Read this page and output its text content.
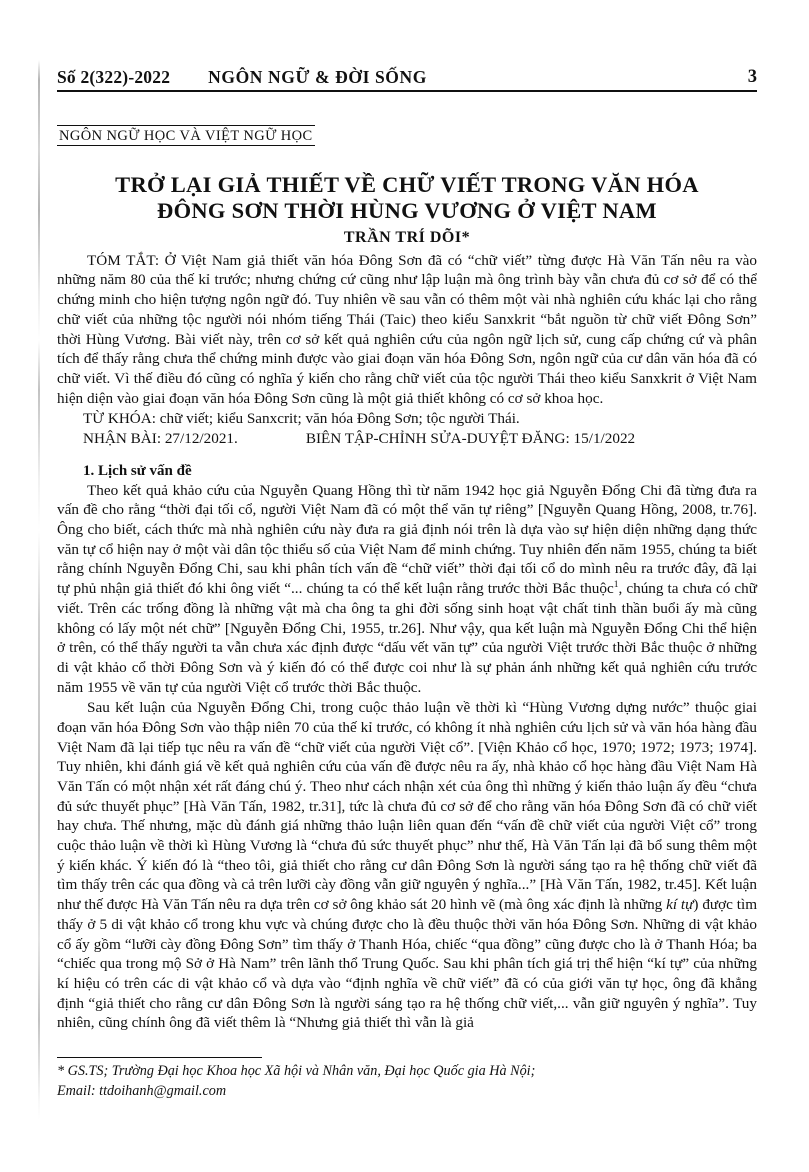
Số 2(322)-2022 NGÔN NGỮ & ĐỜI SỐNG	3
NGÔN NGỮ HỌC VÀ VIỆT NGỮ HỌC
TRỞ LẠI GIẢ THIẾT VỀ CHỮ VIẾT TRONG VĂN HÓA
ĐÔNG SƠN THỜI HÙNG VƯƠNG Ở VIỆT NAM
TRẦN TRÍ DÕI*

TÓM TẮT: Ở Việt Nam giả thiết văn hóa Đông Sơn đã có “chữ viết” từng được Hà Văn Tấn nêu ra vào những năm 80 của thế kỉ trước; nhưng chứng cứ cũng như lập luận mà ông trình bày vẫn chưa đủ cơ sở để có thể chứng minh cho hiện tượng ngôn ngữ đó. Tuy nhiên về sau vẫn có thêm một vài nhà nghiên cứu khác lại cho rằng chữ viết của những tộc người nói nhóm tiếng Thái (Taic) theo kiểu Sanxkrit “bắt nguồn từ chữ viết Đông Sơn” thời Hùng Vương. Bài viết này, trên cơ sở kết quả nghiên cứu của ngôn ngữ lịch sử, cung cấp chứng cứ và phân tích để thấy rằng chưa thể chứng minh được vào giai đoạn văn hóa Đông Sơn, ngôn ngữ của cư dân văn hóa đã có chữ viết. Vì thế điều đó cũng có nghĩa ý kiến cho rằng chữ viết của tộc người Thái theo kiểu Sanxkrit ở Việt Nam hiện diện vào giai đoạn văn hóa Đông Sơn cũng là một giả thiết không có cơ sở khoa học.

TỪ KHÓA: chữ viết; kiểu Sanxcrit; văn hóa Đông Sơn; tộc người Thái.
NHẬN BÀI: 27/12/2021.	BIÊN TẬP-CHỈNH SỬA-DUYỆT ĐĂNG: 15/1/2022
1. Lịch sử vấn đề

Theo kết quả khảo cứu của Nguyễn Quang Hồng thì từ năm 1942 học giả Nguyễn Đổng Chi đã từng đưa ra vấn đề cho rằng “thời đại tối cổ, người Việt Nam đã có một thể văn tự riêng” [Nguyễn Quang Hồng, 2008, tr.76]. Ông cho biết, cách thức mà nhà nghiên cứu này đưa ra giả định nói trên là dựa vào sự hiện diện những dạng thức văn tự cổ hiện nay ở một vài dân tộc thiểu số của Việt Nam để minh chứng. Tuy nhiên đến năm 1955, chúng ta biết rằng chính Nguyễn Đổng Chi, sau khi phân tích vấn đề “chữ viết” thời đại tối cổ do mình nêu ra trước đây, đã lại tự phủ nhận giả thiết đó khi ông viết “... chúng ta có thể kết luận rằng trước thời Bắc thuộc$^1$, chúng ta chưa có chữ viết. Trên các trống đồng là những vật mà cha ông ta ghi đời sống sinh hoạt vật chất tinh thần buổi ấy mà cũng không có lấy một nét chữ” [Nguyễn Đổng Chi, 1955, tr.26]. Như vậy, qua kết luận mà Nguyễn Đổng Chi thể hiện ở trên, có thể thấy người ta vẫn chưa xác định được “dấu vết văn tự” của người Việt trước thời Bắc thuộc ở những di vật khảo cổ thời Đông Sơn và ý kiến đó có thể được coi như là sự phản ánh những kết quả nghiên cứu trước năm 1955 về văn tự của người Việt cổ trước thời Bắc thuộc.

Sau kết luận của Nguyễn Đổng Chi, trong cuộc thảo luận về thời kì “Hùng Vương dựng nước” thuộc giai đoạn văn hóa Đông Sơn vào thập niên 70 của thế kỉ trước, có không ít nhà nghiên cứu lịch sử và văn hóa hàng đầu Việt Nam đã lại tiếp tục nêu ra vấn đề “chữ viết của người Việt cổ”. [Viện Khảo cổ học, 1970; 1972; 1973; 1974]. Tuy nhiên, khi đánh giá về kết quả nghiên cứu của vấn đề được nêu ra ấy, nhà khảo cổ học hàng đầu Việt Nam Hà Văn Tấn có một nhận xét rất đáng chú ý. Theo như cách nhận xét của ông thì những ý kiến thảo luận ấy đều “chưa đủ sức thuyết phục” [Hà Văn Tấn, 1982, tr.31], tức là chưa đủ cơ sở để cho rằng văn hóa Đông Sơn đã có chữ viết hay chưa. Thế nhưng, mặc dù đánh giá những thảo luận liên quan đến “vấn đề chữ viết của người Việt cổ” trong cuộc thảo luận về thời kì Hùng Vương là “chưa đủ sức thuyết phục” như thế, Hà Văn Tấn lại đã bổ sung thêm một ý kiến khác. Ý kiến đó là “theo tôi, giả thiết cho rằng cư dân Đông Sơn là người sáng tạo ra hệ thống chữ viết đã tìm thấy trên các qua đồng và cả trên lưỡi cày đồng vẫn giữ nguyên ý nghĩa...” [Hà Văn Tấn, 1982, tr.45]. Kết luận như thế được Hà Văn Tấn nêu ra dựa trên cơ sở ông khảo sát 20 hình vẽ (mà ông xác định là những kí tự) được tìm thấy ở 5 di vật khảo cổ trong khu vực và chúng được cho là đều thuộc thời văn hóa Đông Sơn. Những di vật khảo cổ ấy gồm “lưỡi cày đồng Đông Sơn” tìm thấy ở Thanh Hóa, chiếc “qua đồng” cũng được cho là ở Thanh Hóa; ba “chiếc qua trong mộ Sở ở Hà Nam” trên lãnh thổ Trung Quốc. Sau khi phân tích giá trị thể hiện “kí tự” của những kí hiệu có trên các di vật khảo cổ và dựa vào “định nghĩa về chữ viết” đã có của giới văn tự học, ông đã khẳng định “giả thiết cho rằng cư dân Đông Sơn là người sáng tạo ra hệ thống chữ viết,... vẫn giữ nguyên ý nghĩa”. Tuy nhiên, cũng chính ông đã viết thêm là “Nhưng giả thiết thì vẫn là giả

* GS.TS; Trường Đại học Khoa học Xã hội và Nhân văn, Đại học Quốc gia Hà Nội;
Email: ttdoihanh@gmail.com
